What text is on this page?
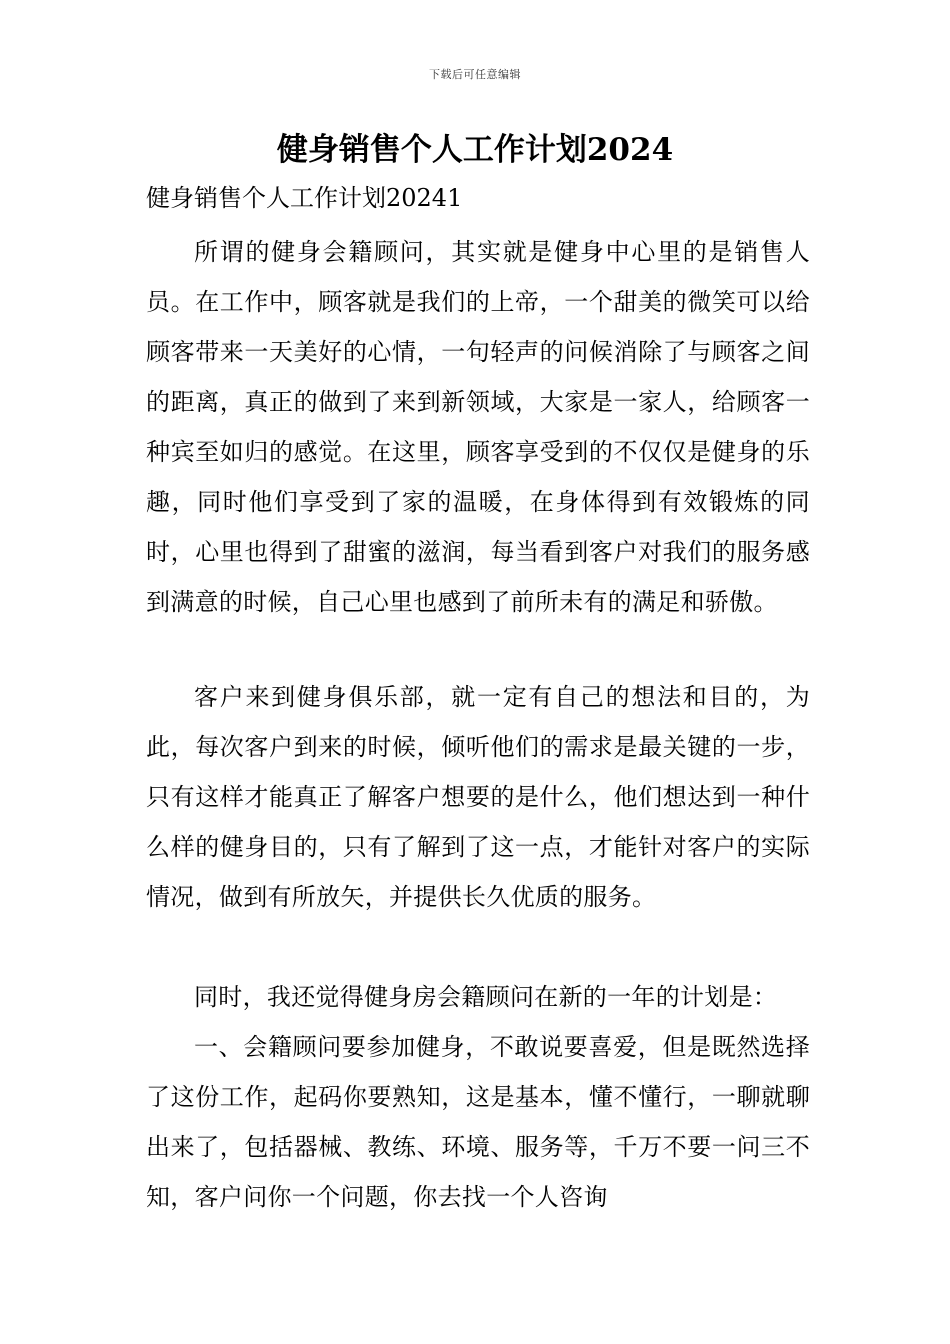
下载后可任意编辑
健身销售个人工作计划2024

健身销售个人工作计划20241

所谓的健身会籍顾问，其实就是健身中心里的是销售人员。在工作中，顾客就是我们的上帝，一个甜美的微笑可以给顾客带来一天美好的心情，一句轻声的问候消除了与顾客之间的距离，真正的做到了来到新领域，大家是一家人，给顾客一种宾至如归的感觉。在这里，顾客享受到的不仅仅是健身的乐趣，同时他们享受到了家的温暖，在身体得到有效锻炼的同时，心里也得到了甜蜜的滋润，每当看到客户对我们的服务感到满意的时候，自己心里也感到了前所未有的满足和骄傲。

客户来到健身俱乐部，就一定有自己的想法和目的，为此，每次客户到来的时候，倾听他们的需求是最关键的一步，只有这样才能真正了解客户想要的是什么，他们想达到一种什么样的健身目的，只有了解到了这一点，才能针对客户的实际情况，做到有所放矢，并提供长久优质的服务。

同时，我还觉得健身房会籍顾问在新的一年的计划是：

一、会籍顾问要参加健身，不敢说要喜爱，但是既然选择了这份工作，起码你要熟知，这是基本，懂不懂行，一聊就聊出来了，包括器械、教练、环境、服务等，千万不要一问三不知，客户问你一个问题，你去找一个人咨询
